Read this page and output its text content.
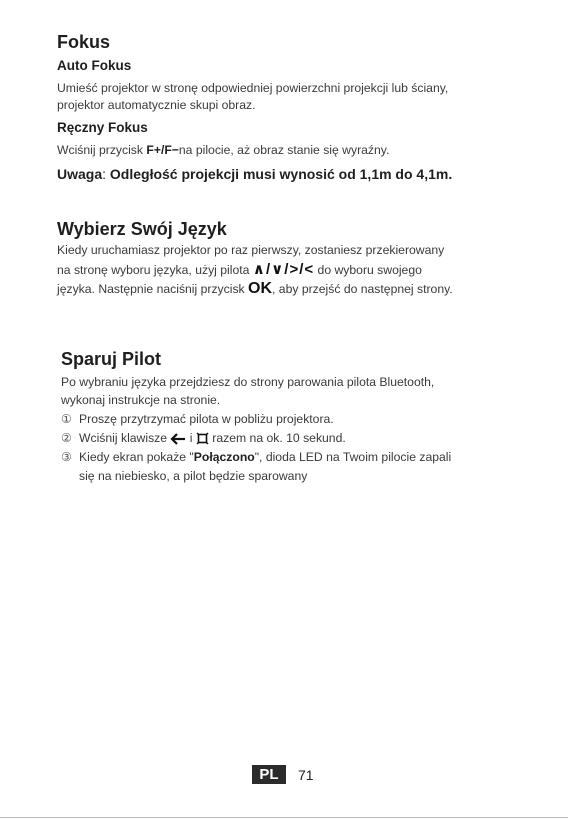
Fokus
Auto Fokus

Umieść projektor w stronę odpowiedniej powierzchni projekcji lub ściany,

projektor automatycznie skupi obraz.

Ręczny Fokus

Wciśnij przycisk F+/F−na pilocie, aż obraz stanie się wyraźny.

Uwaga: Odległość projekcji musi wynosić od 1,1m do 4,1m.
Wybierz Swój Język

Kiedy uruchamiasz projektor po raz pierwszy, zostaniesz przekierowany

na stronę wyboru języka, użyj pilota ∧/∨/>/< do wyboru swojego

języka. Następnie naciśnij przycisk OK, aby przejść do następnej strony.

Sparuj Pilot

Po wybraniu języka przejdziesz do strony parowania pilota Bluetooth,

wykonaj instrukcje na stronie.

① Proszę przytrzymać pilota w pobliżu projektora.
② Wciśnij klawisze  i  razem na ok. 10 sekund.
③ Kiedy ekran pokaże "Połączono", dioda LED na Twoim pilocie zapali
się na niebiesko, a pilot będzie sparowany
PL	71
